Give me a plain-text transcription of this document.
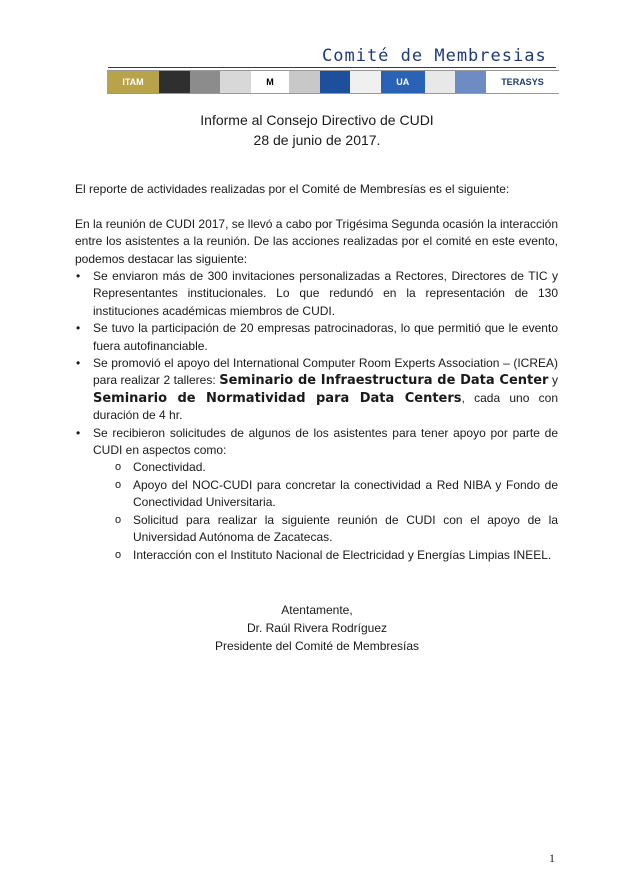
Comité de Membresias
ITAM	M	UA	TERASYS
Informe al Consejo Directivo de CUDI
28 de junio de 2017.
El reporte de actividades realizadas por el Comité de Membresías es el siguiente:
En la reunión de CUDI 2017, se llevó a cabo por Trigésima Segunda ocasión la interacción entre los asistentes a la reunión. De las acciones realizadas por el comité en este evento, podemos destacar las siguiente:
• Se enviaron más de 300 invitaciones personalizadas a Rectores, Directores de TIC y Representantes institucionales. Lo que redundó en la representación de 130 instituciones académicas miembros de CUDI.
• Se tuvo la participación de 20 empresas patrocinadoras, lo que permitió que le evento fuera autofinanciable.
• Se promovió el apoyo del International Computer Room Experts Association – (ICREA) para realizar 2 talleres: Seminario de Infraestructura de Data Center y Seminario de Normatividad para Data Centers, cada uno con duración de 4 hr.
• Se recibieron solicitudes de algunos de los asistentes para tener apoyo por parte de CUDI en aspectos como:
o Conectividad.
o Apoyo del NOC-CUDI para concretar la conectividad a Red NIBA y Fondo de Conectividad Universitaria.
o Solicitud para realizar la siguiente reunión de CUDI con el apoyo de la Universidad Autónoma de Zacatecas.
o Interacción con el Instituto Nacional de Electricidad y Energías Limpias INEEL.
Atentamente,
Dr. Raúl Rivera Rodríguez
Presidente del Comité de Membresías
1
